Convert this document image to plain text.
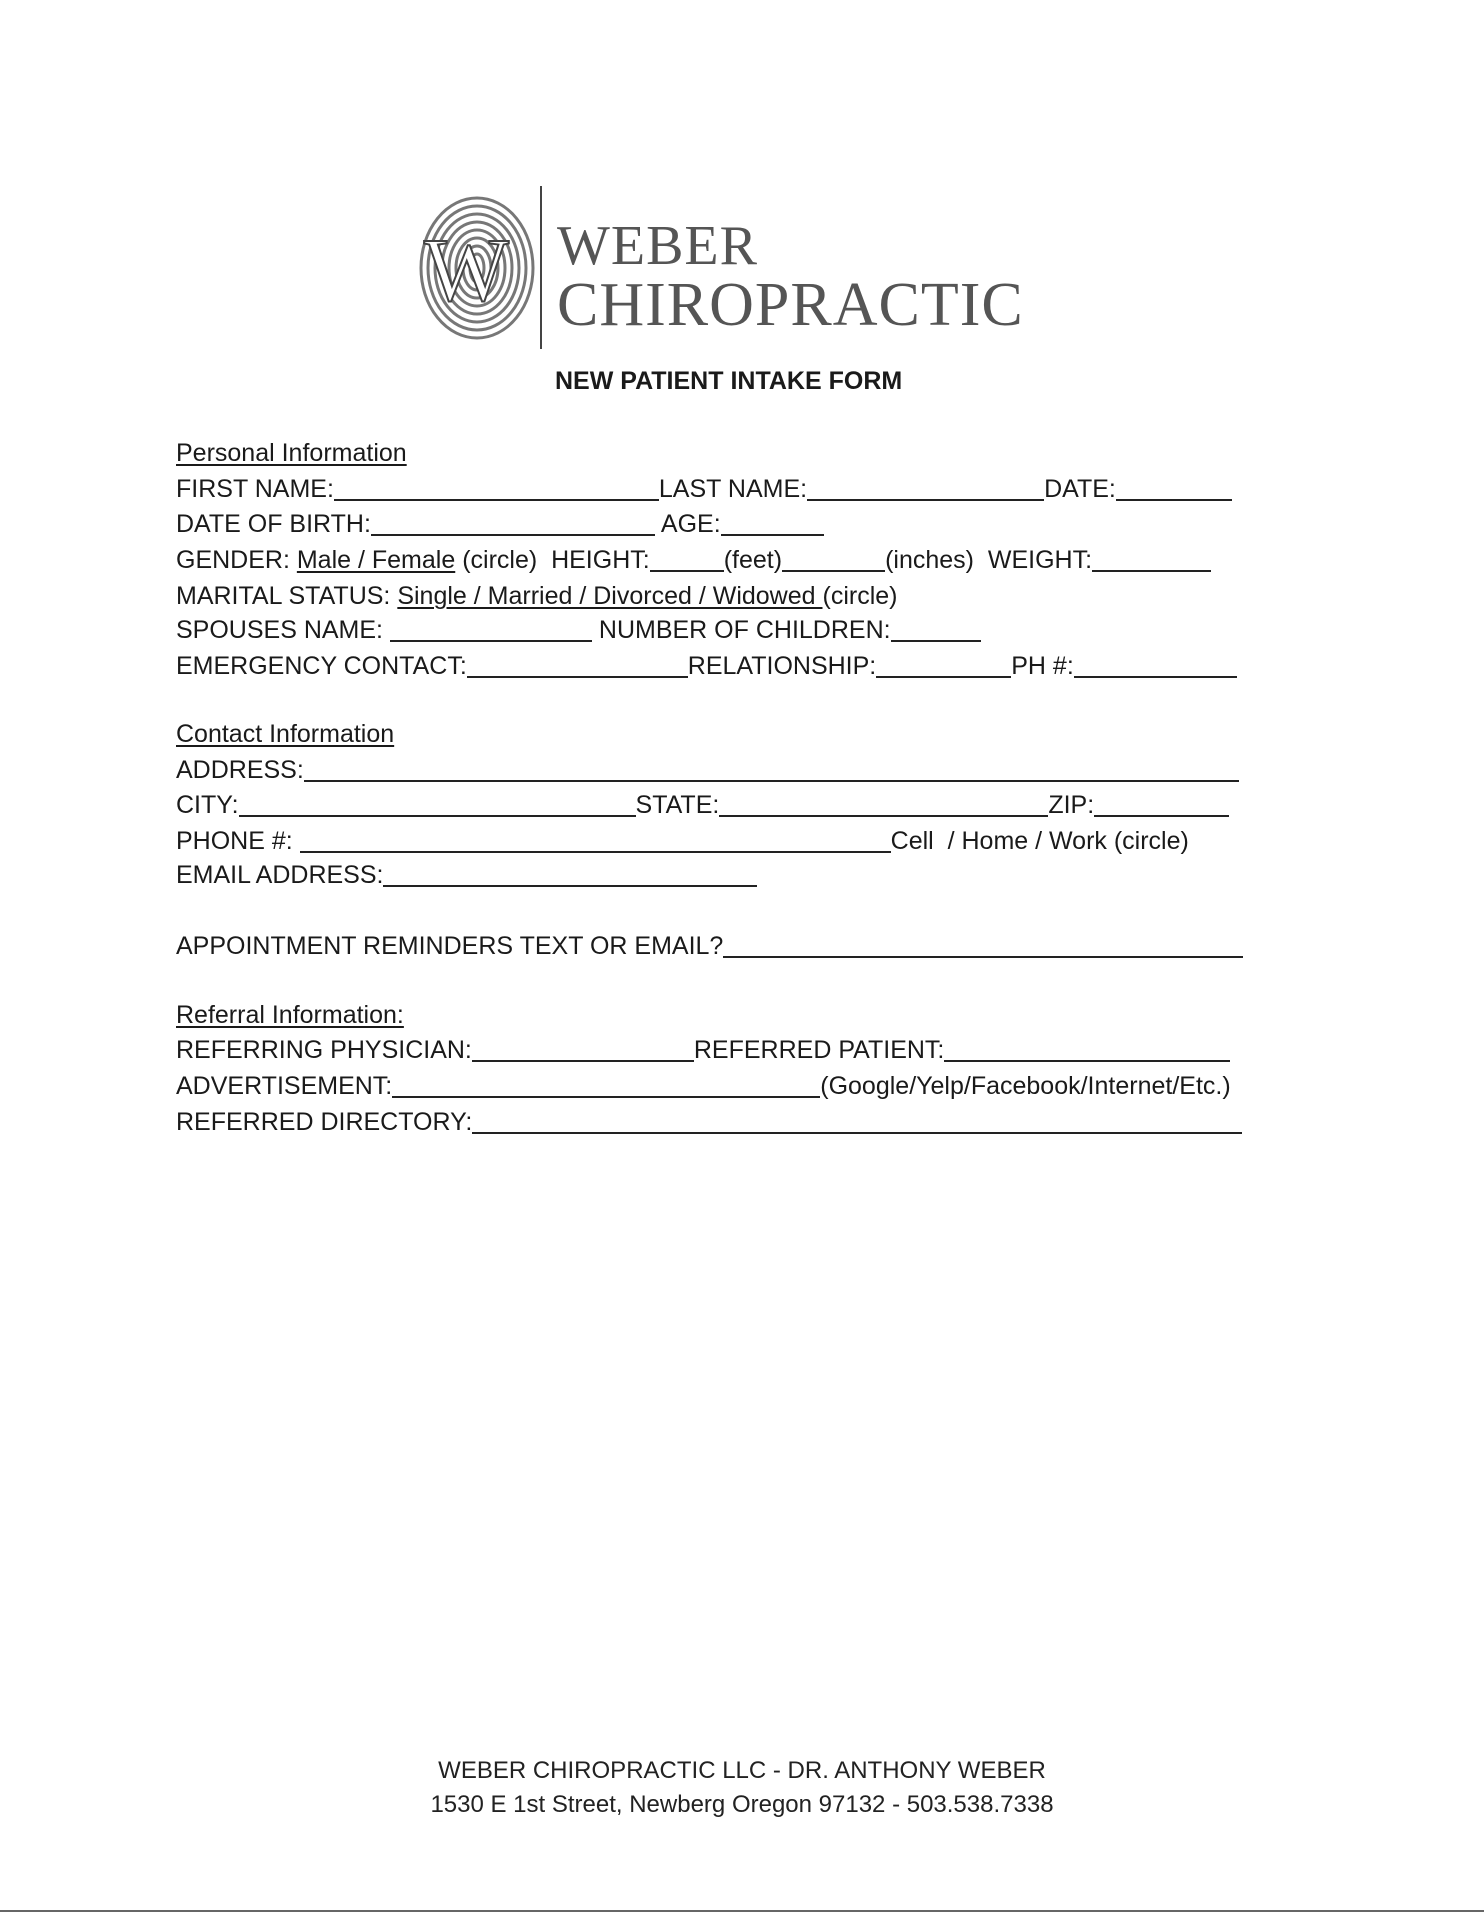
W WEBER
CHIROPRACTIC
NEW PATIENT INTAKE FORM
Personal Information
FIRST NAME:	LAST NAME:	DATE:
DATE OF BIRTH:	AGE:
GENDER: Male / Female (circle)  HEIGHT:	(feet)	(inches)  WEIGHT:
MARITAL STATUS: Single / Married / Divorced / Widowed (circle)
SPOUSES NAME:	NUMBER OF CHILDREN:
EMERGENCY CONTACT:	RELATIONSHIP:	PH #:
Contact Information
ADDRESS:
CITY:	STATE:	ZIP:
PHONE #:	Cell  / Home / Work (circle)
EMAIL ADDRESS:
APPOINTMENT REMINDERS TEXT OR EMAIL?
Referral Information:
REFERRING PHYSICIAN:	REFERRED PATIENT:
ADVERTISEMENT:	(Google/Yelp/Facebook/Internet/Etc.)
REFERRED DIRECTORY:
WEBER CHIROPRACTIC LLC - DR. ANTHONY WEBER
1530 E 1st Street, Newberg Oregon 97132 - 503.538.7338
